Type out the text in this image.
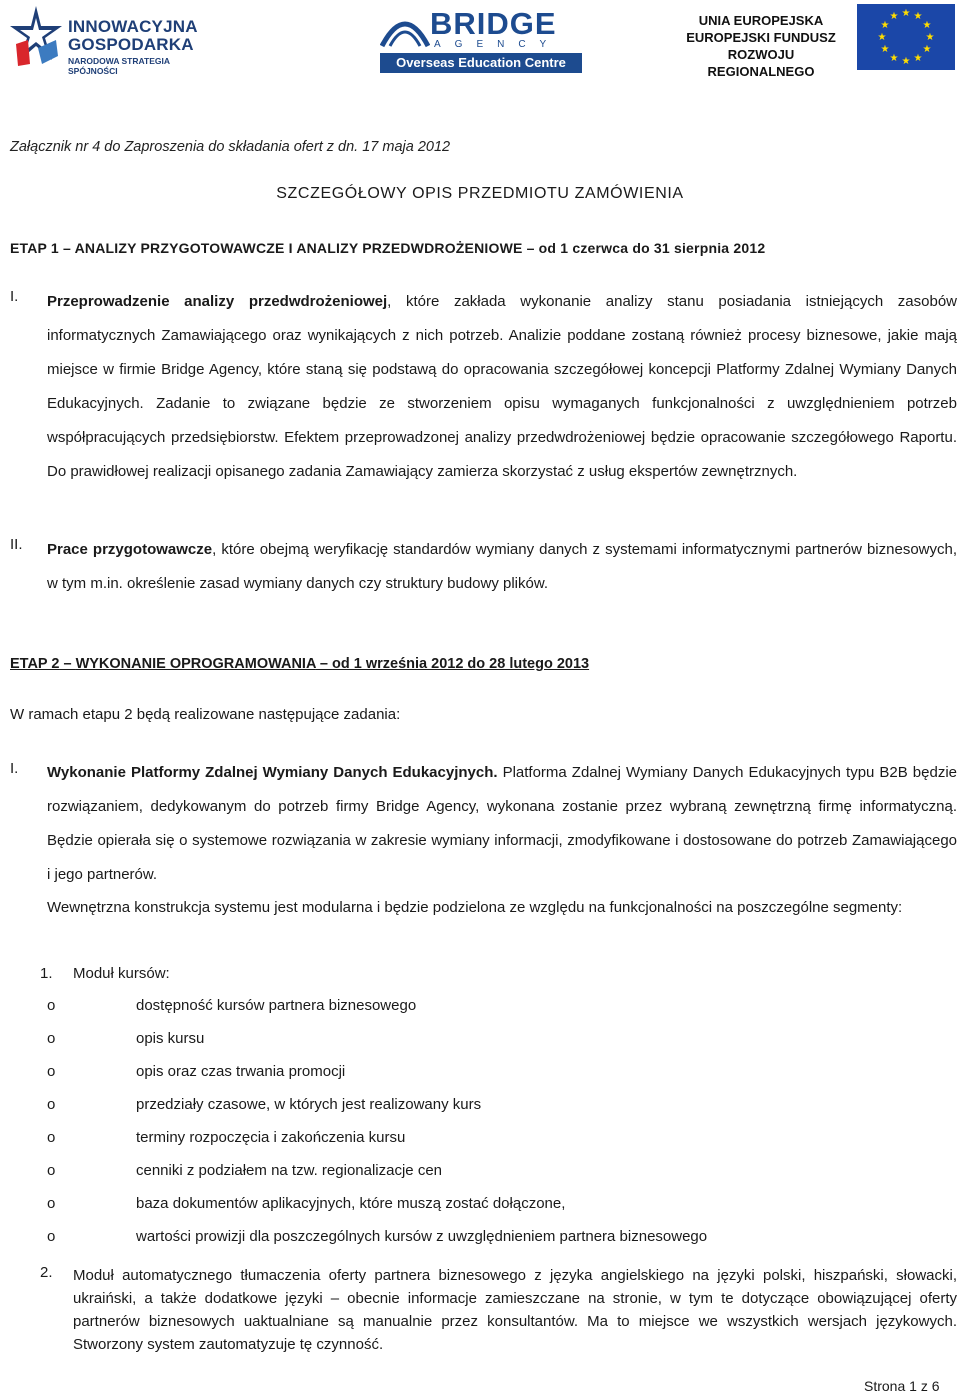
INNOWACYJNA
GOSPODARKA
NARODOWA STRATEGIA SPÓJNOŚCI
BRIDGE
AGENCY
Overseas Education Centre
UNIA EUROPEJSKA
EUROPEJSKI FUNDUSZ
ROZWOJU REGIONALNEGO
★ ★
★
★
★
★
★
★
★
★
★
★
Załącznik nr 4 do Zaproszenia do składania ofert z dn. 17 maja 2012
SZCZEGÓŁOWY OPIS PRZEDMIOTU ZAMÓWIENIA
ETAP 1 – ANALIZY PRZYGOTOWAWCZE I ANALIZY PRZEDWDROŻENIOWE – od 1 czerwca do 31 sierpnia 2012
I. Przeprowadzenie analizy przedwdrożeniowej, które zakłada wykonanie analizy stanu posiadania istniejących zasobów informatycznych Zamawiającego oraz wynikających z nich potrzeb. Analizie poddane zostaną również procesy biznesowe, jakie mają miejsce w firmie Bridge Agency, które staną się podstawą do opracowania szczegółowej koncepcji Platformy Zdalnej Wymiany Danych Edukacyjnych. Zadanie to związane będzie ze stworzeniem opisu wymaganych funkcjonalności z uwzględnieniem potrzeb współpracujących przedsiębiorstw. Efektem przeprowadzonej analizy przedwdrożeniowej będzie opracowanie szczegółowego Raportu. Do prawidłowej realizacji opisanego zadania Zamawiający zamierza skorzystać z usług ekspertów zewnętrznych.
II. Prace przygotowawcze, które obejmą weryfikację standardów wymiany danych z systemami informatycznymi partnerów biznesowych, w tym m.in. określenie zasad wymiany danych czy struktury budowy plików.
ETAP 2 – WYKONANIE OPROGRAMOWANIA – od 1 września 2012 do 28 lutego 2013
W ramach etapu 2 będą realizowane następujące zadania:
I. Wykonanie Platformy Zdalnej Wymiany Danych Edukacyjnych. Platforma Zdalnej Wymiany Danych Edukacyjnych typu B2B będzie rozwiązaniem, dedykowanym do potrzeb firmy Bridge Agency, wykonana zostanie przez wybraną zewnętrzną firmę informatyczną. Będzie opierała się o systemowe rozwiązania w zakresie wymiany informacji, zmodyfikowane i dostosowane do potrzeb Zamawiającego i jego partnerów.
Wewnętrzna konstrukcja systemu jest modularna i będzie podzielona ze względu na funkcjonalności na poszczególne segmenty:
1. Moduł kursów:
o	dostępność kursów partnera biznesowego
o	opis kursu
o	opis oraz czas trwania promocji
o	przedziały czasowe, w których jest realizowany kurs
o	terminy rozpoczęcia i zakończenia kursu
o	cenniki z podziałem na tzw. regionalizacje cen
o	baza dokumentów aplikacyjnych, które muszą zostać dołączone,
o	wartości prowizji dla poszczególnych kursów z uwzględnieniem partnera biznesowego
2. Moduł automatycznego tłumaczenia oferty partnera biznesowego z języka angielskiego na języki polski, hiszpański, słowacki, ukraiński, a także dodatkowe języki – obecnie informacje zamieszczane na stronie, w tym te dotyczące obowiązującej oferty partnerów biznesowych uaktualniane są manualnie przez konsultantów. Ma to miejsce we wszystkich wersjach językowych. Stworzony system zautomatyzuje tę czynność.
Strona 1 z 6
